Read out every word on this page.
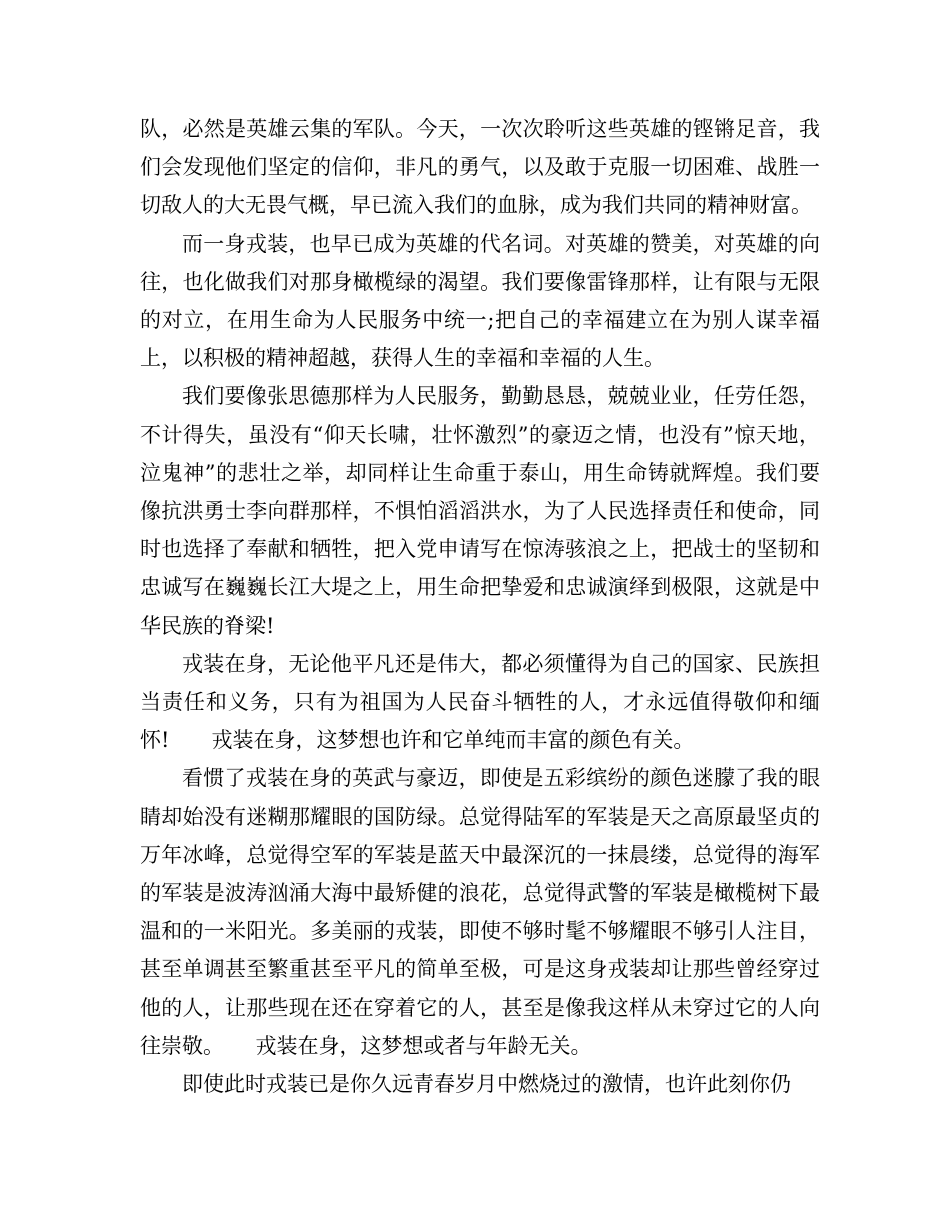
队，必然是英雄云集的军队。今天，一次次聆听这些英雄的铿锵足音，我们会发现他们坚定的信仰，非凡的勇气，以及敢于克服一切困难、战胜一切敌人的大无畏气概，早已流入我们的血脉，成为我们共同的精神财富。

而一身戎装，也早已成为英雄的代名词。对英雄的赞美，对英雄的向往，也化做我们对那身橄榄绿的渴望。我们要像雷锋那样，让有限与无限的对立，在用生命为人民服务中统一;把自己的幸福建立在为别人谋幸福上，以积极的精神超越，获得人生的幸福和幸福的人生。

我们要像张思德那样为人民服务，勤勤恳恳，兢兢业业，任劳任怨，不计得失，虽没有“仰天长啸，壮怀激烈”的豪迈之情，也没有”惊天地，泣鬼神”的悲壮之举，却同样让生命重于泰山，用生命铸就辉煌。我们要像抗洪勇士李向群那样，不惧怕滔滔洪水，为了人民选择责任和使命，同时也选择了奉献和牺牲，把入党申请写在惊涛骇浪之上，把战士的坚韧和忠诚写在巍巍长江大堤之上，用生命把挚爱和忠诚演绎到极限，这就是中华民族的脊梁!

戎装在身，无论他平凡还是伟大，都必须懂得为自己的国家、民族担当责任和义务，只有为祖国为人民奋斗牺牲的人，才永远值得敬仰和缅怀!　　戎装在身，这梦想也许和它单纯而丰富的颜色有关。

看惯了戎装在身的英武与豪迈，即使是五彩缤纷的颜色迷朦了我的眼睛却始没有迷糊那耀眼的国防绿。总觉得陆军的军装是天之高原最坚贞的万年冰峰，总觉得空军的军装是蓝天中最深沉的一抹晨缕，总觉得的海军的军装是波涛汹涌大海中最矫健的浪花，总觉得武警的军装是橄榄树下最温和的一米阳光。多美丽的戎装，即使不够时髦不够耀眼不够引人注目，甚至单调甚至繁重甚至平凡的简单至极，可是这身戎装却让那些曾经穿过他的人，让那些现在还在穿着它的人，甚至是像我这样从未穿过它的人向往崇敬。　　戎装在身，这梦想或者与年龄无关。

即使此时戎装已是你久远青春岁月中燃烧过的激情，也许此刻你仍
